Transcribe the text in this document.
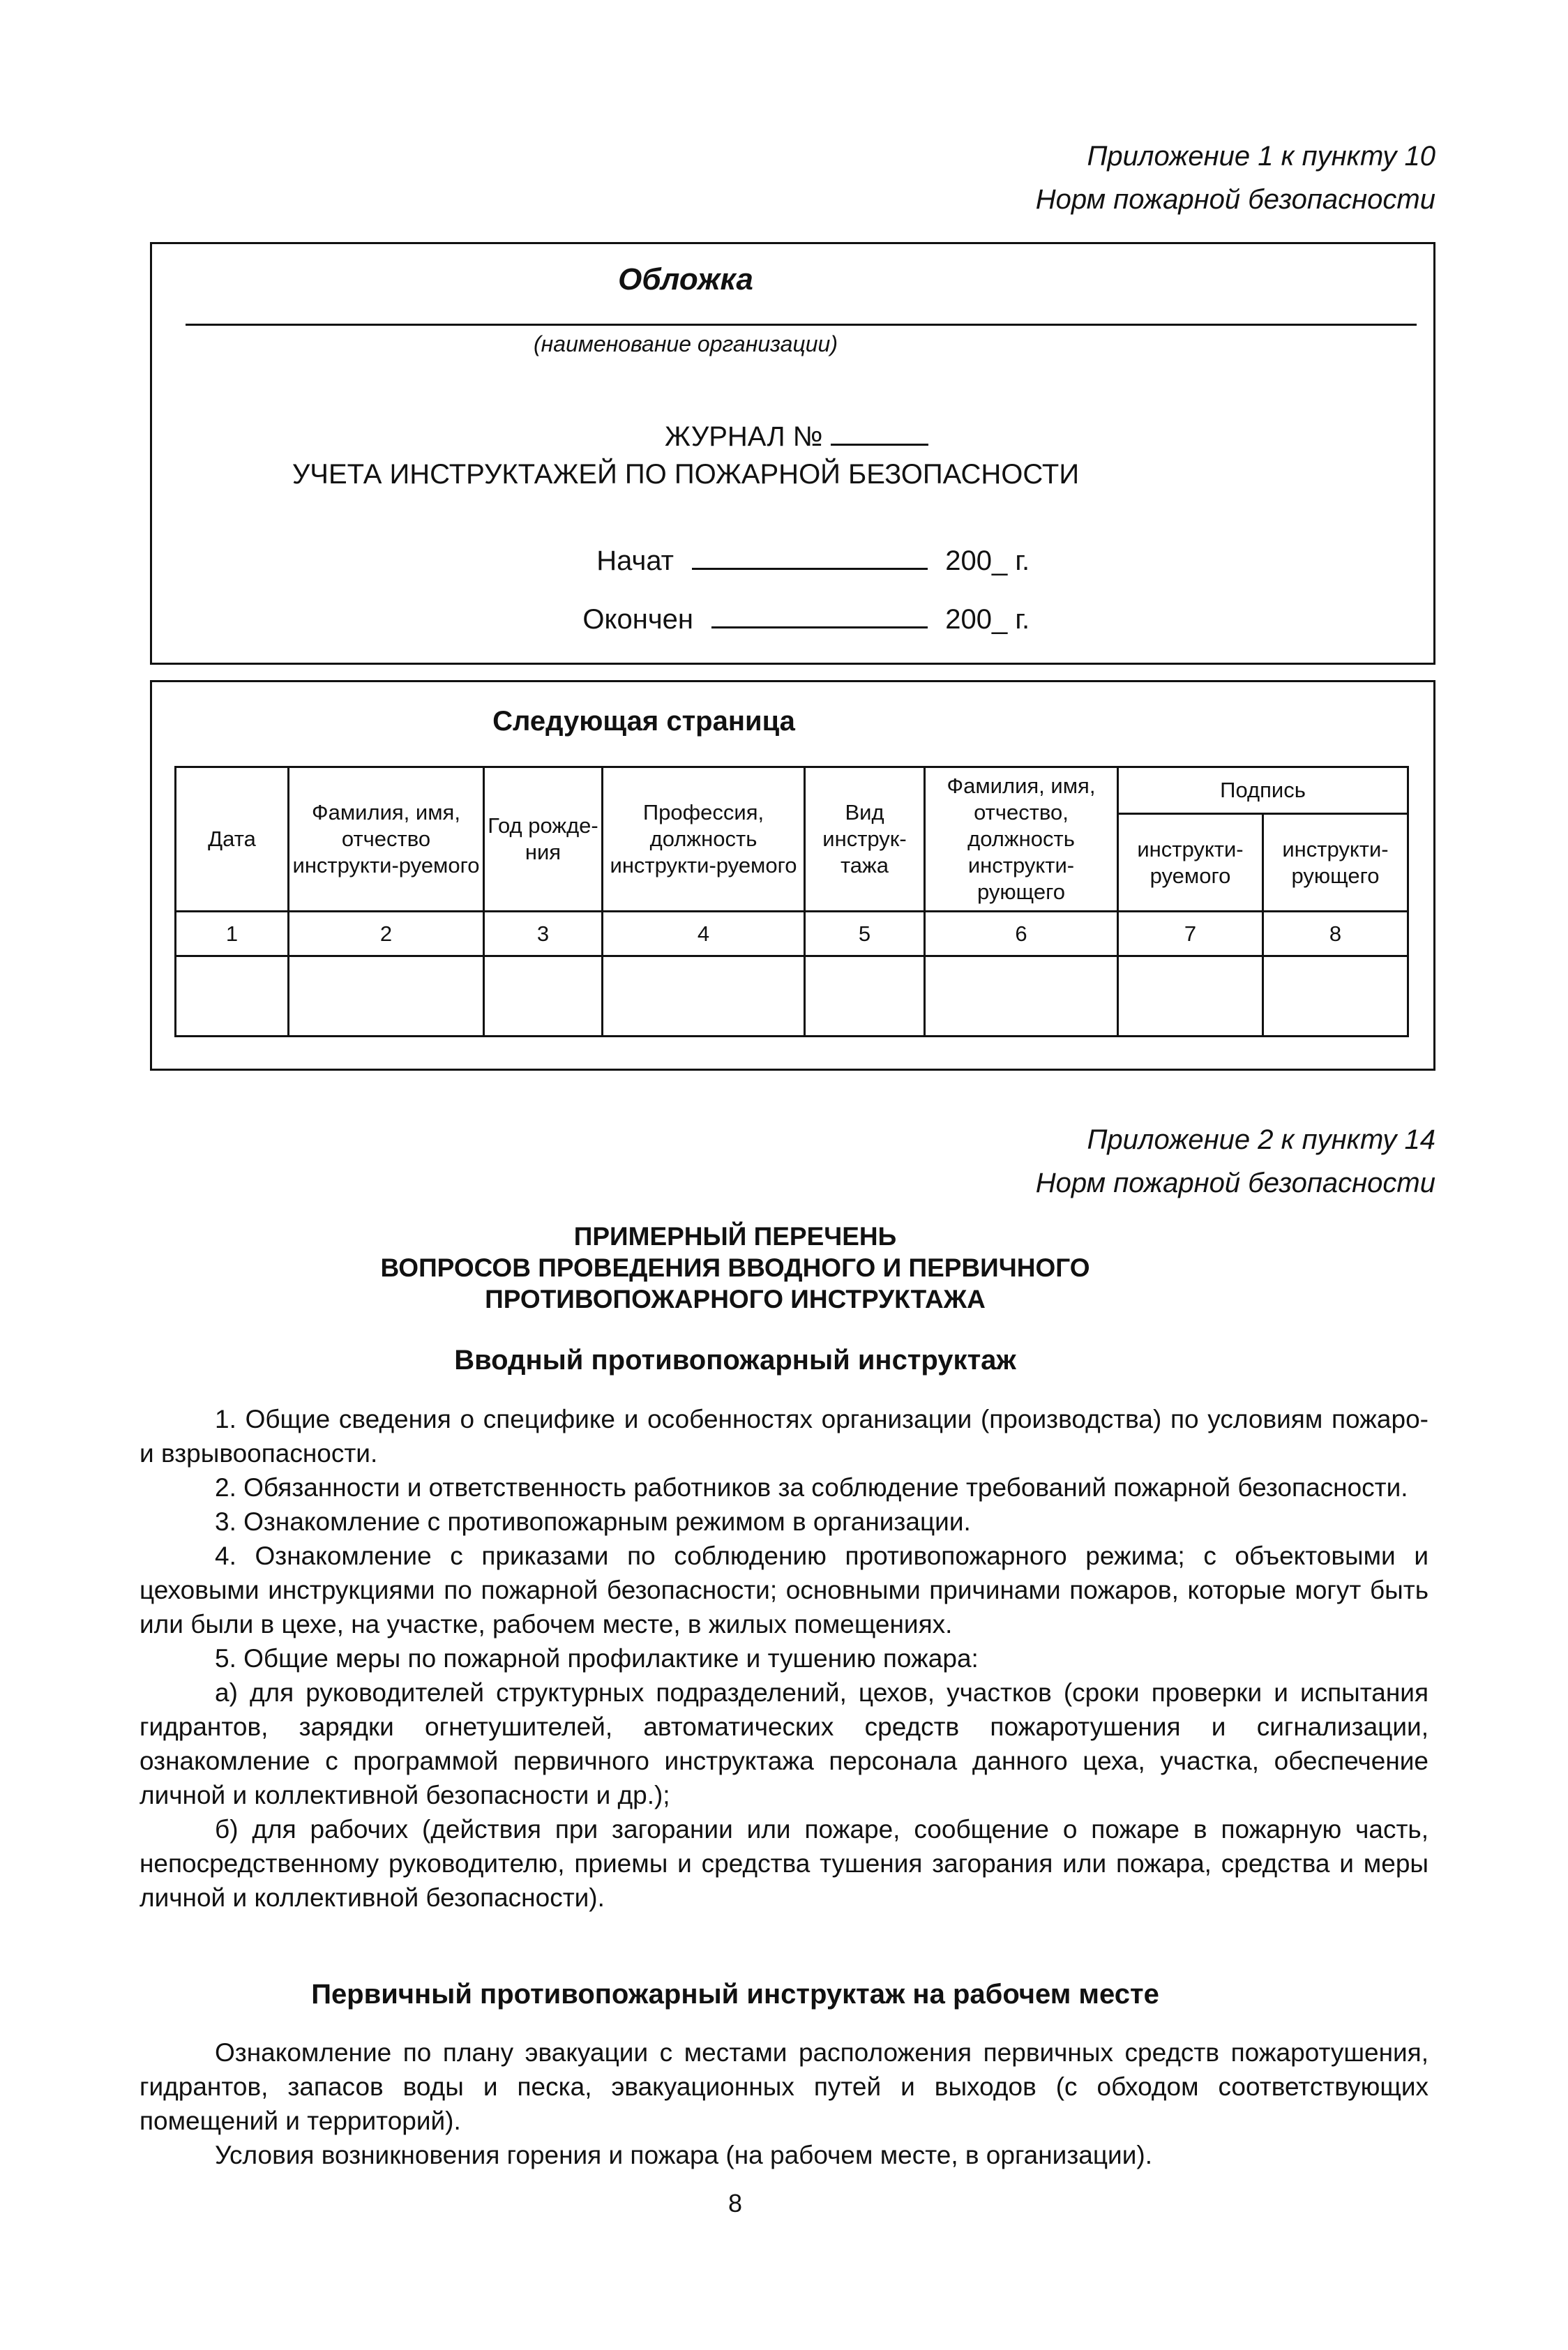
Приложение 1 к пункту 10
Норм пожарной безопасности
Обложка
(наименование организации)
ЖУРНАЛ №
УЧЕТА ИНСТРУКТАЖЕЙ ПО ПОЖАРНОЙ БЕЗОПАСНОСТИ
Начат	200_ г.
Окончен	200_ г.
Следующая страница
Дата	Фамилия, имя, отчество инструкти-руемого	Год рожде-ния	Профессия, должность инструкти-руемого	Вид инструк-тажа	Фамилия, имя, отчество, должность инструкти-рующего	Подпись	
						инструкти-руемого	инструкти-рующего
1	2	3	4	5	6	7	8

Приложение 2 к пункту 14
Норм пожарной безопасности
ПРИМЕРНЫЙ ПЕРЕЧЕНЬ
ВОПРОСОВ ПРОВЕДЕНИЯ ВВОДНОГО И ПЕРВИЧНОГО
ПРОТИВОПОЖАРНОГО ИНСТРУКТАЖА
Вводный противопожарный инструктаж

1. Общие сведения о специфике и особенностях организации (производства) по условиям пожаро- и взрывоопасности.

2. Обязанности и ответственность работников за соблюдение требований пожарной безопасности.

3. Ознакомление с противопожарным режимом в организации.

4. Ознакомление с приказами по соблюдению противопожарного режима; с объектовыми и цеховыми инструкциями по пожарной безопасности; основными причинами пожаров, которые могут быть или были в цехе, на участке, рабочем месте, в жилых помещениях.

5. Общие меры по пожарной профилактике и тушению пожара:

а) для руководителей структурных подразделений, цехов, участков (сроки проверки и испытания гидрантов, зарядки огнетушителей, автоматических средств пожаротушения и сигнализации, ознакомление с программой первичного инструктажа персонала данного цеха, участка, обеспечение личной и коллективной безопасности и др.);

б) для рабочих (действия при загорании или пожаре, сообщение о пожаре в пожарную часть, непосредственному руководителю, приемы и средства тушения загорания или пожара, средства и меры личной и коллективной безопасности).

Первичный противопожарный инструктаж на рабочем месте

Ознакомление по плану эвакуации с местами расположения первичных средств пожаротушения, гидрантов, запасов воды и песка, эвакуационных путей и выходов (с обходом соответствующих помещений и территорий).

Условия возникновения горения и пожара (на рабочем месте, в организации).

8
